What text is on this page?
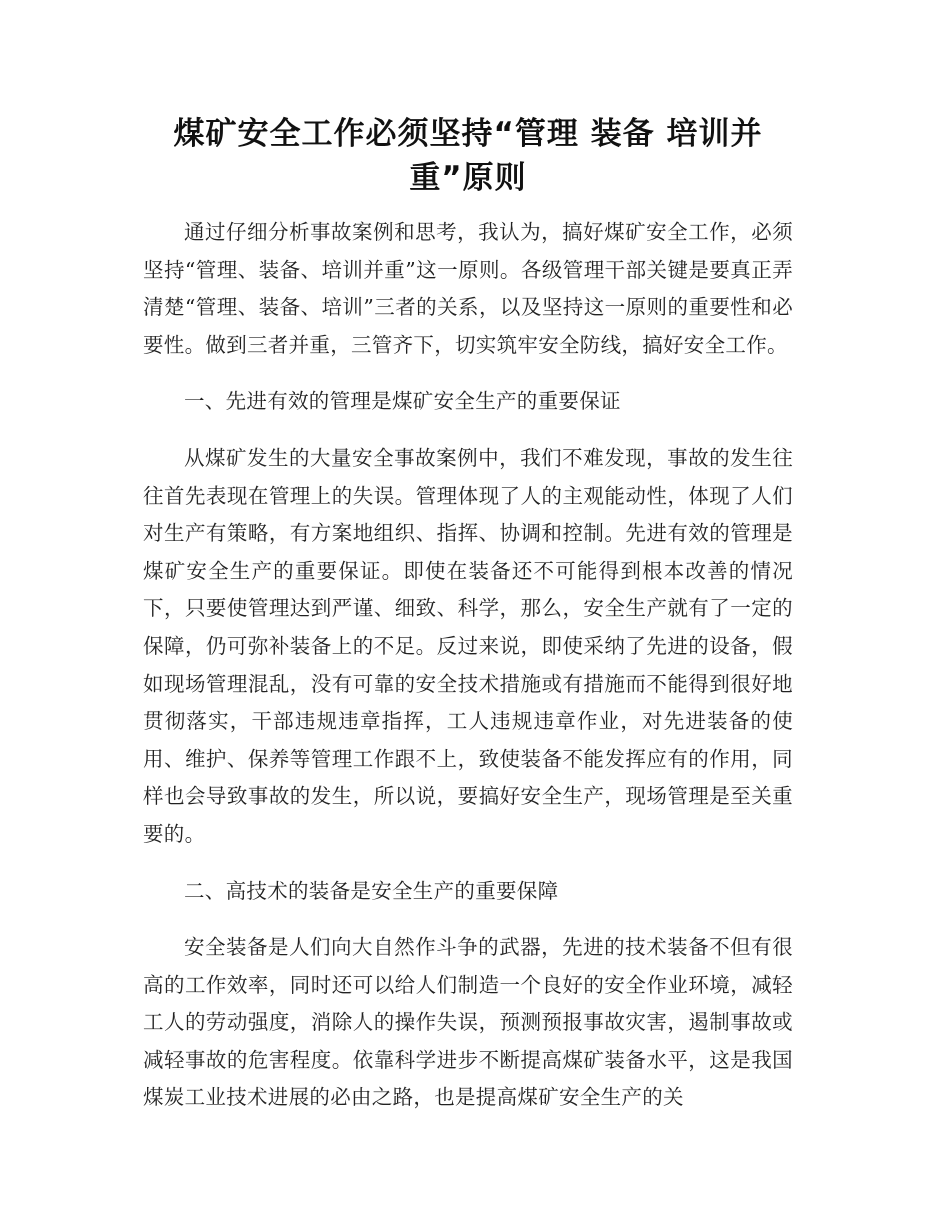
煤矿安全工作必须坚持“管理 装备 培训并
重”原则

通过仔细分析事故案例和思考，我认为，搞好煤矿安全工作，必须坚持“管理、装备、培训并重”这一原则。各级管理干部关键是要真正弄清楚“管理、装备、培训”三者的关系，以及坚持这一原则的重要性和必要性。做到三者并重，三管齐下，切实筑牢安全防线，搞好安全工作。

一、先进有效的管理是煤矿安全生产的重要保证

从煤矿发生的大量安全事故案例中，我们不难发现，事故的发生往往首先表现在管理上的失误。管理体现了人的主观能动性，体现了人们对生产有策略，有方案地组织、指挥、协调和控制。先进有效的管理是煤矿安全生产的重要保证。即使在装备还不可能得到根本改善的情况下，只要使管理达到严谨、细致、科学，那么，安全生产就有了一定的保障，仍可弥补装备上的不足。反过来说，即使采纳了先进的设备，假如现场管理混乱，没有可靠的安全技术措施或有措施而不能得到很好地贯彻落实，干部违规违章指挥，工人违规违章作业，对先进装备的使用、维护、保养等管理工作跟不上，致使装备不能发挥应有的作用，同样也会导致事故的发生，所以说，要搞好安全生产，现场管理是至关重要的。

二、高技术的装备是安全生产的重要保障

安全装备是人们向大自然作斗争的武器，先进的技术装备不但有很高的工作效率，同时还可以给人们制造一个良好的安全作业环境，减轻工人的劳动强度，消除人的操作失误，预测预报事故灾害，遏制事故或减轻事故的危害程度。依靠科学进步不断提高煤矿装备水平，这是我国煤炭工业技术进展的必由之路，也是提高煤矿安全生产的关
